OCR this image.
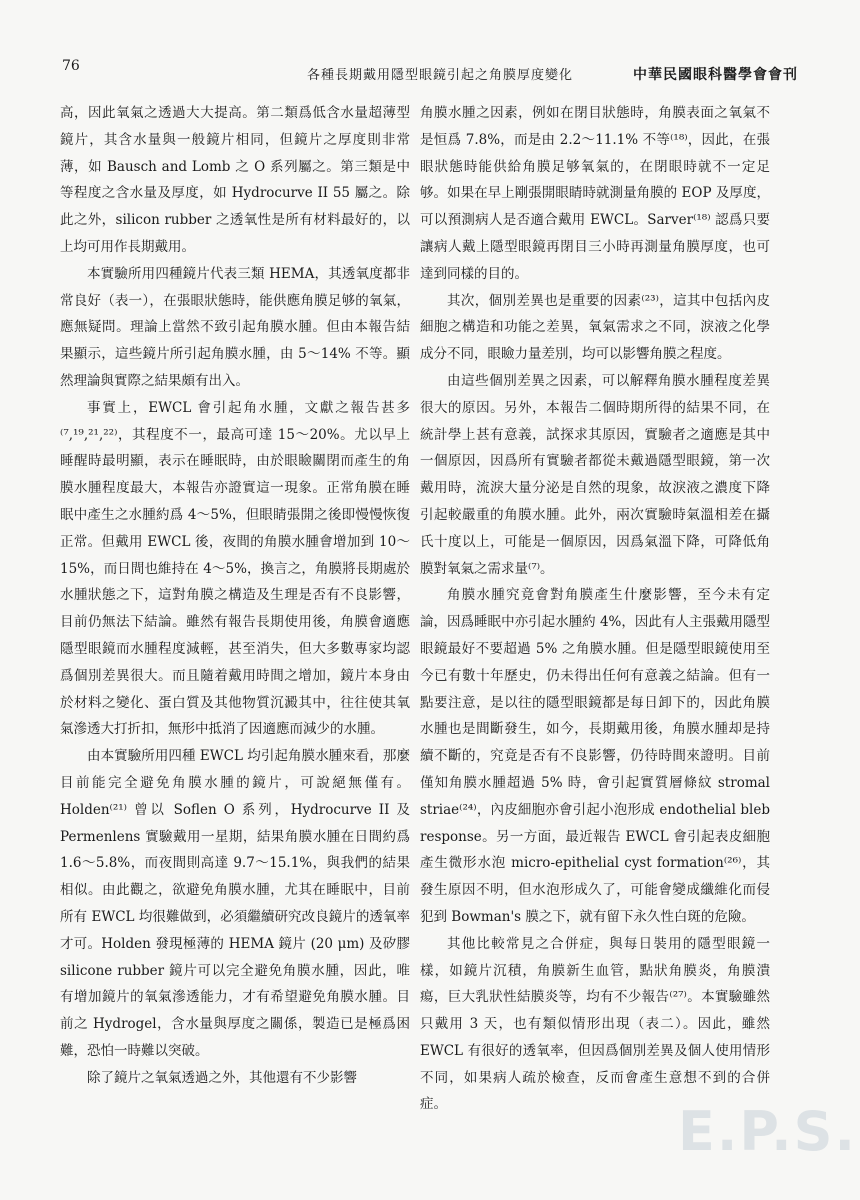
76
各種長期戴用隱型眼鏡引起之角膜厚度變化	中華民國眼科醫學會會刊

高，因此氧氣之透過大大提高。第二類爲低含水量超薄型鏡片，其含水量與一般鏡片相同，但鏡片之厚度則非常薄，如 Bausch and Lomb 之 O 系列屬之。第三類是中等程度之含水量及厚度，如 Hydrocurve II 55 屬之。除此之外，silicon rubber 之透氧性是所有材料最好的，以上均可用作長期戴用。

本實驗所用四種鏡片代表三類 HEMA，其透氧度都非常良好（表一），在張眼狀態時，能供應角膜足够的氧氣，應無疑問。理論上當然不致引起角膜水腫。但由本報告結果顯示，這些鏡片所引起角膜水腫，由 5～14% 不等。顯然理論與實際之結果頗有出入。

事實上，EWCL 會引起角水腫，文獻之報告甚多⁽⁷,¹⁹,²¹,²²⁾，其程度不一，最高可達 15～20%。尤以早上睡醒時最明顯，表示在睡眠時，由於眼瞼關閉而產生的角膜水腫程度最大，本報告亦證實這一現象。正常角膜在睡眠中產生之水腫約爲 4～5%，但眼睛張開之後即慢慢恢復正常。但戴用 EWCL 後，夜間的角膜水腫會增加到 10～15%，而日間也維持在 4～5%，換言之，角膜將長期處於水腫狀態之下，這對角膜之構造及生理是否有不良影響，目前仍無法下結論。雖然有報告長期使用後，角膜會適應隱型眼鏡而水腫程度減輕，甚至消失，但大多數專家均認爲個別差異很大。而且隨着戴用時間之增加，鏡片本身由於材料之變化、蛋白質及其他物質沉澱其中，往往使其氧氣滲透大打折扣，無形中抵消了因適應而減少的水腫。

由本實驗所用四種 EWCL 均引起角膜水腫來看，那麼目前能完全避免角膜水腫的鏡片，可說絕無僅有。Holden⁽²¹⁾ 曾以 Soflen O 系列，Hydrocurve II 及 Permenlens 實驗戴用一星期，結果角膜水腫在日間約爲 1.6～5.8%，而夜間則高達 9.7～15.1%，與我們的結果相似。由此觀之，欲避免角膜水腫，尤其在睡眠中，目前所有 EWCL 均很難做到，必須繼續研究改良鏡片的透氧率才可。Holden 發現極薄的 HEMA 鏡片 (20 μm) 及矽膠 silicone rubber 鏡片可以完全避免角膜水腫，因此，唯有增加鏡片的氧氣滲透能力，才有希望避免角膜水腫。目前之 Hydrogel，含水量與厚度之關係，製造已是極爲困難，恐怕一時難以突破。

除了鏡片之氧氣透過之外，其他還有不少影響

角膜水腫之因素，例如在閉目狀態時，角膜表面之氧氣不是恒爲 7.8%，而是由 2.2～11.1% 不等⁽¹⁸⁾，因此，在張眼狀態時能供給角膜足够氧氣的，在閉眼時就不一定足够。如果在早上剛張開眼睛時就測量角膜的 EOP 及厚度，可以預測病人是否適合戴用 EWCL。Sarver⁽¹⁸⁾ 認爲只要讓病人戴上隱型眼鏡再閉目三小時再測量角膜厚度，也可達到同樣的目的。

其次，個別差異也是重要的因素⁽²³⁾，這其中包括內皮細胞之構造和功能之差異，氧氣需求之不同，淚液之化學成分不同，眼瞼力量差別，均可以影響角膜之程度。

由這些個別差異之因素，可以解釋角膜水腫程度差異很大的原因。另外，本報告二個時期所得的結果不同，在統計學上甚有意義，試探求其原因，實驗者之適應是其中一個原因，因爲所有實驗者都從未戴過隱型眼鏡，第一次戴用時，流淚大量分泌是自然的現象，故淚液之濃度下降引起較嚴重的角膜水腫。此外，兩次實驗時氣溫相差在攝氏十度以上，可能是一個原因，因爲氣溫下降，可降低角膜對氧氣之需求量⁽⁷⁾。

角膜水腫究竟會對角膜產生什麼影響，至今未有定論，因爲睡眠中亦引起水腫約 4%，因此有人主張戴用隱型眼鏡最好不要超過 5% 之角膜水腫。但是隱型眼鏡使用至今已有數十年歷史，仍未得出任何有意義之結論。但有一點要注意，是以往的隱型眼鏡都是每日卸下的，因此角膜水腫也是間斷發生，如今，長期戴用後，角膜水腫却是持續不斷的，究竟是否有不良影響，仍待時間來證明。目前僅知角膜水腫超過 5% 時，會引起實質層條紋 stromal striae⁽²⁴⁾，內皮細胞亦會引起小泡形成 endothelial bleb response。另一方面，最近報告 EWCL 會引起表皮細胞產生微形水泡 micro-epithelial cyst formation⁽²⁶⁾，其發生原因不明，但水泡形成久了，可能會變成纖維化而侵犯到 Bowman's 膜之下，就有留下永久性白斑的危險。

其他比較常見之合併症，與每日裝用的隱型眼鏡一樣，如鏡片沉積，角膜新生血管，點狀角膜炎，角膜潰瘍，巨大乳狀性結膜炎等，均有不少報告⁽²⁷⁾。本實驗雖然只戴用 3 天，也有類似情形出現（表二）。因此，雖然 EWCL 有很好的透氧率，但因爲個別差異及個人使用情形不同，如果病人疏於檢查，反而會產生意想不到的合併症。	E.P.S.
